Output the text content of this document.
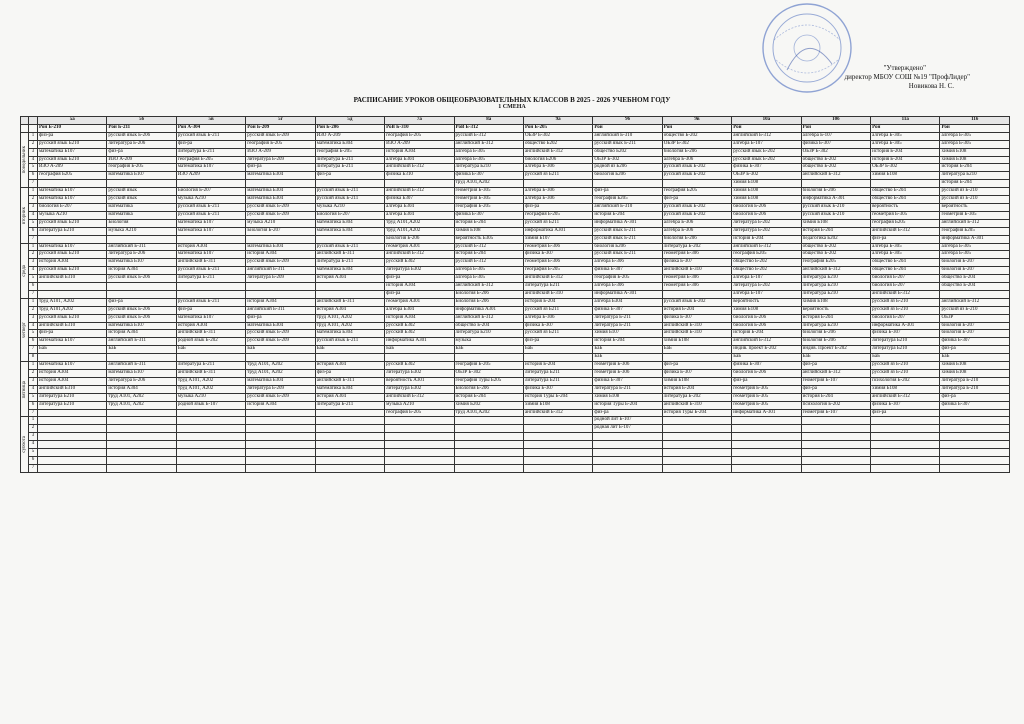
"Утверждено"
директор МБОУ СОШ №19 "ПрофЛидер"
Новикова Н. С.
РАСПИСАНИЕ УРОКОВ ОБЩЕОБРАЗОВАТЕЛЬНЫХ КЛАССОВ В 2025 - 2026 УЧЕБНОМ ГОДУ
1 СМЕНА
		5а	5б	5в	5г	5д	7а	8а	9а	9б	9в	10а	10б	11а	11б
		Рон Б-210	Рон Б-211	Рон А-304	Рон Б-209	Рон Б-206	РоВ Б-310	РоВ Б-312	Рон Б-205	Рон	Рон	Рон	Рон	Рон	Рон

понедельник	1	физ-ра	русский язык Б-206	русский язык Б-211	русский язык Б-209	ИЗО А-209	география Б-205	русский Б-312	ОБЗР Б-302	английский Б-310	общество Б-202	английский Б-312	алгебра Б-107	алгебра Б-305	алгебра Б-305
	2	русский язык Б210	литература Б-206	физ-ра	география Б-205	математика Б304	ИЗО А-209	английский Б-312	общество Б202	русский язык Б-211	ОБЗР Б-302	алгебра Б-107	физика Б-307	алгебра Б-305	алгебра Б-305
	3	математика Б107	физ-ра	литература Б-211	ИЗО А-209	география Б-205	история А304	алгебра Б-305	английский Б-312	общество Б202	биология Б-206	русский язык Б-202	ОБЗР Б-302	история Б-204	химия Б108
	4	русский язык Б210	ИЗО А-209	география Б-205	литература Б-209	литература Б-211	алгебра Б304	алгебра Б-305	биология Б206	ОБЗР Б-302	алгебра Б-306	русский язык Б-202	общество Б-202	история Б-204	химия Б108
	5	ИЗО А-209	география Б-205	математика Б107	физ-ра	литература Б-211	английский Б-312	литература Б210	алгебра Б-306	родной яз Б206	русский язык Б-202	физика Б-307	общество Б-202	ОБЗР Б-302	история Б-204
	6	география Б205	математика Б107	ИЗО А209	математика Б304	физ-ра	физика Б310	физика Б-307	русский яз Б211	биология Б206	русский язык Б-202	ОБЗР Б-302	английский Б-312	химия Б108	литература Б210
	7							труд А101,А202				химия Б108			история Б-204

вторник	1	математика Б107	русский язык	Биология Б-207	математика Б304	русский язык Б-211	английский Б-312	геометрия Б-305	алгебра Б-306	физ-ра	география Б205	химия Б108	биология Б-206	общество Б-204	русский яз Б-210
	2	математика Б107	русский язык	музыка А210	математика Б304	русский язык Б-211	физика Б307	геометрия Б-305	алгебра Б-306	география Б205	физ-ра	химия Б108	информатика А-301	общество Б-204	русский яз Б-210
	3	биология Б-207	математика	русский язык Б-211	русский язык Б-209	музыка А210	алгебра Б304	география Б-205	физ-ра	английский Б-310	русский язык Б-202	биология Б-206	русский язык Б-210	вероятность	вероятность
	4	музыка А210	математика	русский язык Б-211	русский язык Б-209	Биология Б-207	алгебра Б304	физика Б-307	география Б-205	история Б-204	русский язык Б-202	биология Б-206	русский язык Б-210	геометрия Б-305	геометрия Б-305
	5	русский язык Б210	Биология	математика Б107	музыка А210	математика Б304	труд А101,А202	история Б-204	русский яз Б211	информатика А-301	алгебра Б-306	литература Б-202	химия Б108	география Б205	английский Б-312
	6	литература Б210	музыка А210	математика Б107	Биология Б-207	математика Б304	труд А101,А202	химия Б108	информатика А301	русский язык Б-211	алгебра Б-306	литература Б-202	история Б-204	английский Б-312	география Б205
	7						Биология Б-206	вероятность Б305	химия Б107	русский язык Б-211	биология Б-206	история Б-204	педагогика Б202	физ-ра	информатика А-301

среда	1	математика Б107	английский Б-311	история А304	математика Б304	русский язык Б-211	геометрия А301	русский Б-312	геометрия Б-306	биология Б206	литература Б-202	английский Б-312	общество Б-202	алгебра Б-305	алгебра Б-305
	2	русский язык Б210	литература Б-206	математика Б107	история А304	английский Б-311	английский Б-312	история Б-204	физика Б-307	русский язык Б-211	геометрия Б-306	география Б205	общество Б-202	алгебра Б-305	алгебра Б-305
	3	история А304	математика Б107	английский Б-311	русский язык Б-209	литература Б-211	русский Б302	русский Б-312	геометрия Б-306	алгебра Б-306	физика Б-307	общество Б-202	география Б205	общество Б-204	биология Б-207
	4	русский язык Б210	история А304	русский язык Б-211	английский Б-311	математика Б304	литература Б302	алгебра Б-305	география Б-205	физика Б-307	английский Б-310	общество Б-202	английский Б-312	общество Б-204	биология Б-207
	5	английский Б310	русский язык Б-206	литература Б-211	литература Б-209	история А304	физ-ра	алгебра Б-305	английский Б-312	география Б-205	геометрия Б-306	алгебра Б-107	литература Б210	биология Б-207	общество Б-204
	6						история А304	английский Б-312	литература Б211	алгебра Б-306	геометрия Б-306	литература Б-202	литература Б210	биология Б-207	общество Б-204
	7						физ-ра	Биология Б-206	английский Б-310	информатика А-301		алгебра Б-107	литература Б210	английский Б-312	

четверг	1	труд А101, А202	физ-ра	русский язык Б-211	история А304	английский Б-311	геометрия А301	Биология Б-206	история Б-204	алгебра Б304	русский язык Б-202	вероятность	химия Б108	русский яз Б-210	английский Б-312
	2	труд А101,А202	русский язык Б-206	физ-ра	английский Б-311	история А304	алгебра Б304	информатика А301	русский яз Б211	физика Б-307	история Б-204	химия Б108	вероятность	русский яз Б-210	русский яз Б-210
	3	русский язык Б210	русский язык Б-206	математика Б107	физ-ра	труд А101, А202	история А304	английский Б-312	алгебра Б-306	литература Б-211	физика Б-307	биология Б-206	история Б-204	биология Б-207	ОБЗР
	4	английский Б310	математика Б107	история А304	математика Б304	труд А101, А202	русский Б302	общество Б-204	физика Б-307	литература Б-211	английский Б-310	биология Б-206	литература Б210	информатика А-301	биология Б-207
	5	физ-ра	история А304	английский Б-311	русский язык Б-209	математика Б304	русский Б302	литература Б210	русский яз Б211	химия Б107	английский Б-310	история Б-204	биология Б-206	физика Б-307	биология Б-207
	6	математика Б107	английский Б-311	родной язык Б-202	русский язык Б-209	русский язык Б-211	информатика А301	музыка	физ-ра	история Б-204	химия Б108	английский Б-312	биология Б-206	литература Б210	физика Б-307
	7	БаБ	БаБ	БаБ	БаБ	БаБ	БаБ	БаБ	БаБ	БаБ	БаБ	индив. проект Б-202	индив. Проект Б-202	литература Б210	физ-ра
	8									БаБ		БаБ	БаБ	БаБ	БаБ

пятница	1	математика Б107	английский Б-311	литература Б-211	труд А101, А202	история А304	русский Б302	география Б-205	история Б-204	геометрия Б-306	физ-ра	физика Б-307	физ-ра	русский яз Б-210	химия Б108
	2	история А304	математика Б107	английский Б-311	труд А101, А202	физ-ра	литература Б302	ОБЗР Б-302	литература Б211	геометрия Б-306	физика Б-307	биология Б-206	английский Б-312	русский яз Б-210	химия Б108
	3	история А304	литература Б-206	труд А101, А202	математика Б304	английский Б-311	вероятность А301	география Туры Б205	литература Б211	физика Б-307	химия Б108	физ-ра	геометрия Б-107	психология Б-202	литература Б-210
	4	английский Б310	история А304	труд А101, А202	литература Б-209	математика Б304	литература Б302	Биология Б-206	физика Б-307	литература Б-211	история Б-204	геометрия Б-305	физ-ра	химия Б108	литература Б-210
	5	литература Б210	труд А101, А202	музыка А210	русский язык Б-209	история А304	английский Б-312	история Б-204	история Туры Б-204	химия Б108	литература Б-202	геометрия Б-305	история Б-204	английский Б-312	физ-ра
	6	литература Б210	труд А101, А202	родной язык Б-107	история А304	литература Б-211	музыка А210	химия Б202	химия Б108	история Туры Б-204	английский Б-310	геометрия Б-305	психология Б-202	физика Б-307	физика Б-307
	7						география Б-205	труд А101,А202	английский Б-312	физ-ра	история Туры Б-204	информатика А-301	геометрия Б-107	физ-ра	

суббота	1									родной лит Б-107					
	2									родная лит Б-107					
	3														
	4														
	5														
	6														
	7														
